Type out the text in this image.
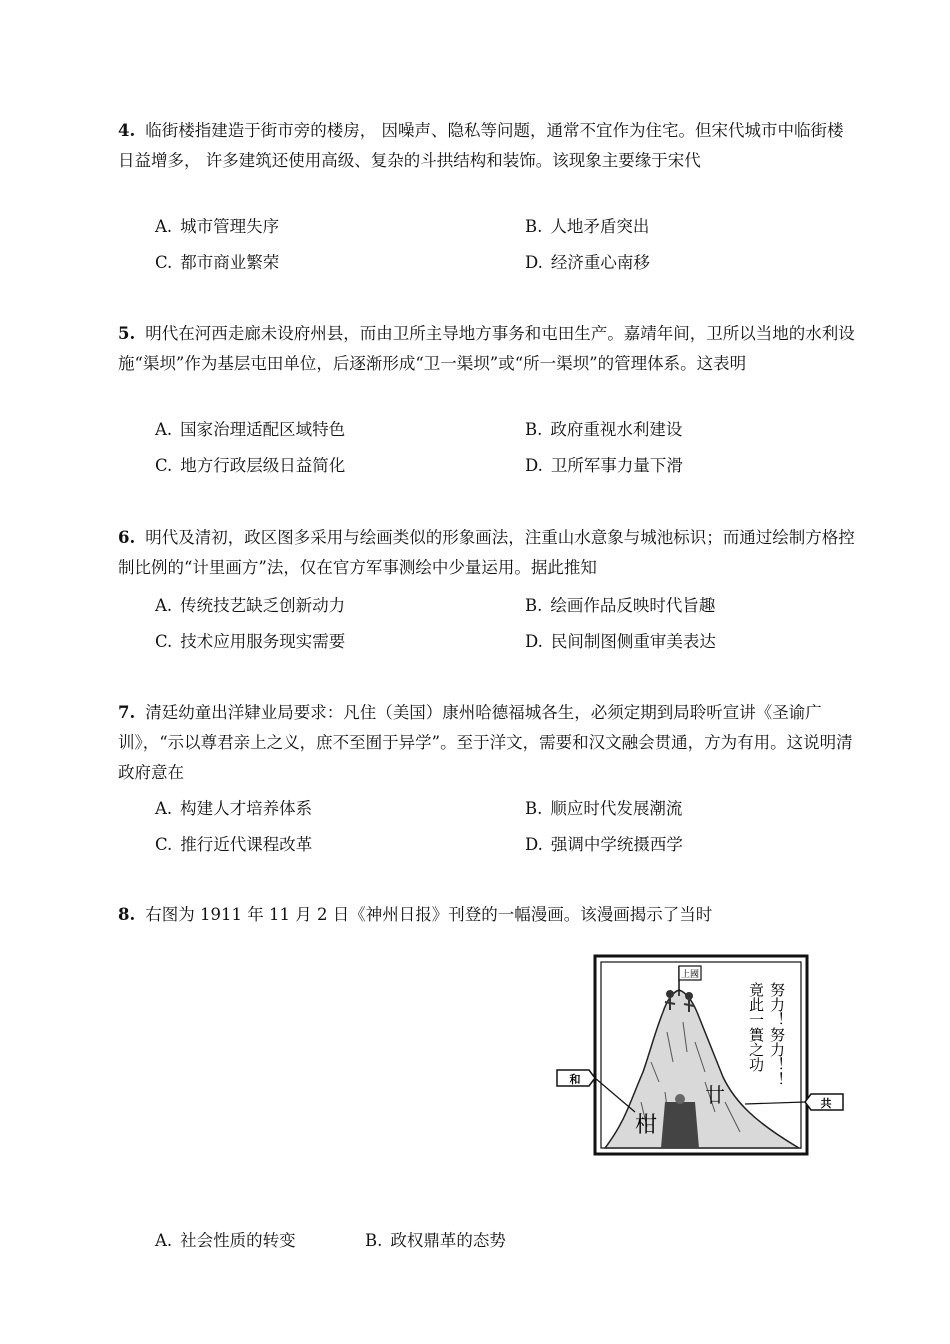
4. 临街楼指建造于街市旁的楼房， 因噪声、隐私等问题，通常不宜作为住宅。但宋代城市中临街楼日益增多， 许多建筑还使用高级、复杂的斗拱结构和装饰。该现象主要缘于宋代
A. 城市管理失序	B. 人地矛盾突出
C. 都市商业繁荣	D. 经济重心南移
5. 明代在河西走廊未设府州县，而由卫所主导地方事务和屯田生产。嘉靖年间，卫所以当地的水利设施“渠坝”作为基层屯田单位，后逐渐形成“卫一渠坝”或“所一渠坝”的管理体系。这表明
A. 国家治理适配区域特色	B. 政府重视水利建设
C. 地方行政层级日益简化	D. 卫所军事力量下滑
6. 明代及清初，政区图多采用与绘画类似的形象画法，注重山水意象与城池标识；而通过绘制方格控制比例的“计里画方”法，仅在官方军事测绘中少量运用。据此推知
A. 传统技艺缺乏创新动力	B. 绘画作品反映时代旨趣
C. 技术应用服务现实需要	D. 民间制图侧重审美表达
7. 清廷幼童出洋肄业局要求：凡住（美国）康州哈德福城各生，必须定期到局聆听宣讲《圣谕广训》，“示以尊君亲上之义，庶不至囿于异学”。至于洋文，需要和汉文融会贯通，方为有用。这说明清政府意在
A. 构建人才培养体系	B. 顺应时代发展潮流
C. 推行近代课程改革	D. 强调中学统摄西学
8. 右图为 1911 年 11 月 2 日《神州日报》刊登的一幅漫画。该漫画揭示了当时
上國
努力！努力！！
竟此一簣之功
柑
廿
和
共
A. 社会性质的转变	B. 政权鼎革的态势
